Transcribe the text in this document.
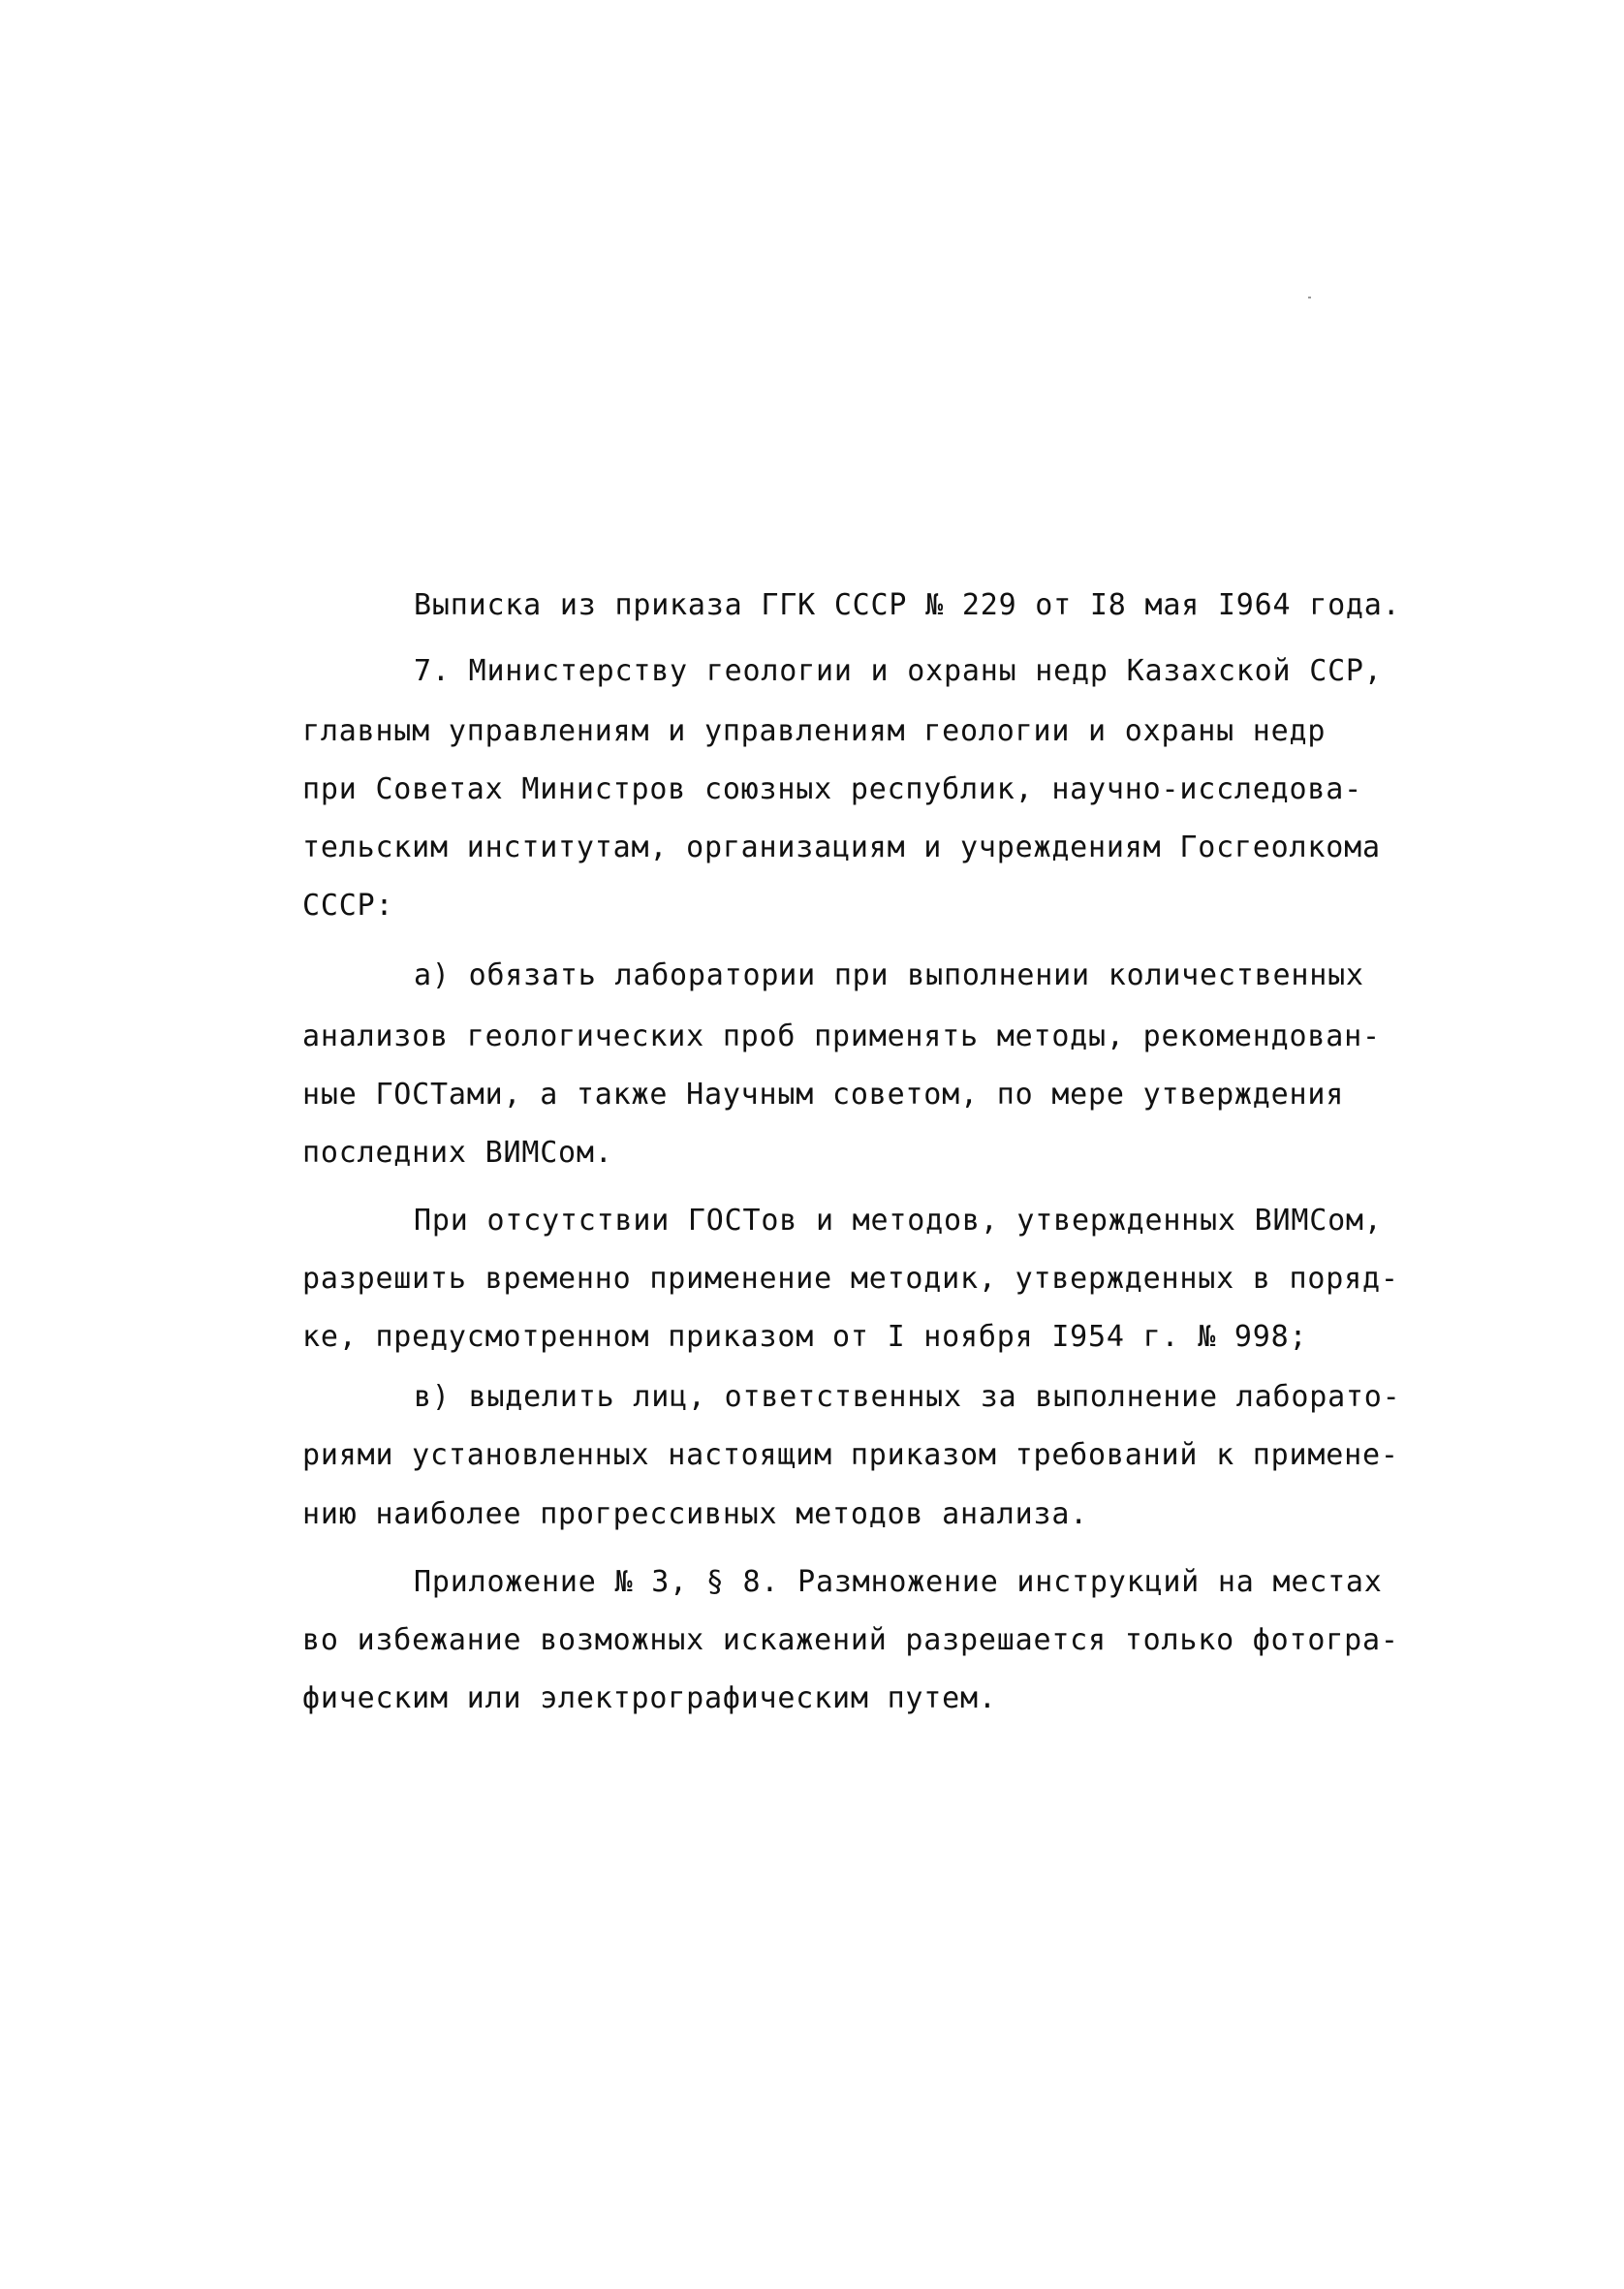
Выписка из приказа ГГК СССР № 229 от I8 мая I964 года.
7. Министерству геологии и охраны недр Казахской ССР,
главным управлениям и управлениям геологии и охраны недр
при Советах Министров союзных республик, научно-исследова-
тельским институтам, организациям и учреждениям Госгеолкома
СССР:
а) обязать лаборатории при выполнении количественных
анализов геологических проб применять методы, рекомендован-
ные ГОСТами, а также Научным советом, по мере утверждения
последних ВИМСом.
При отсутствии ГОСТов и методов, утвержденных ВИМСом,
разрешить временно применение методик, утвержденных в поряд-
ке, предусмотренном приказом от I ноября I954 г. № 998;
в) выделить лиц, ответственных за выполнение лаборато-
риями установленных настоящим приказом требований к примене-
нию наиболее прогрессивных методов анализа.
Приложение № 3, § 8. Размножение инструкций на местах
во избежание возможных искажений разрешается только фотогра-
фическим или электрографическим путем.
